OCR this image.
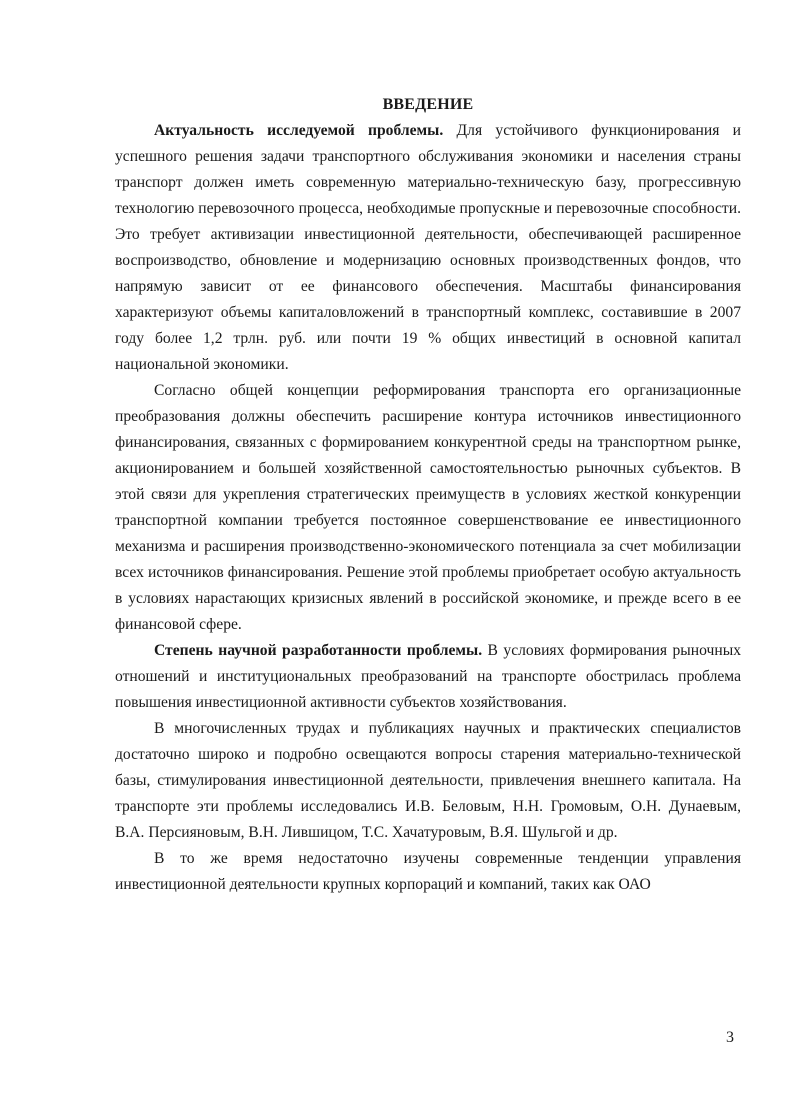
ВВЕДЕНИЕ

Актуальность исследуемой проблемы. Для устойчивого функционирования и успешного решения задачи транспортного обслуживания экономики и населения страны транспорт должен иметь современную материально-техническую базу, прогрессивную технологию перевозочного процесса, необходимые пропускные и перевозочные способности. Это требует активизации инвестиционной деятельности, обеспечивающей расширенное воспроизводство, обновление и модернизацию основных производственных фондов, что напрямую зависит от ее финансового обеспечения. Масштабы финансирования характеризуют объемы капиталовложений в транспортный комплекс, составившие в 2007 году более 1,2 трлн. руб. или почти 19 % общих инвестиций в основной капитал национальной экономики.

Согласно общей концепции реформирования транспорта его организационные преобразования должны обеспечить расширение контура источников инвестиционного финансирования, связанных с формированием конкурентной среды на транспортном рынке, акционированием и большей хозяйственной самостоятельностью рыночных субъектов. В этой связи для укрепления стратегических преимуществ в условиях жесткой конкуренции транспортной компании требуется постоянное совершенствование ее инвестиционного механизма и расширения производственно-экономического потенциала за счет мобилизации всех источников финансирования. Решение этой проблемы приобретает особую актуальность в условиях нарастающих кризисных явлений в российской экономике, и прежде всего в ее финансовой сфере.

Степень научной разработанности проблемы. В условиях формирования рыночных отношений и институциональных преобразований на транспорте обострилась проблема повышения инвестиционной активности субъектов хозяйствования.

В многочисленных трудах и публикациях научных и практических специалистов достаточно широко и подробно освещаются вопросы старения материально-технической базы, стимулирования инвестиционной деятельности, привлечения внешнего капитала. На транспорте эти проблемы исследовались И.В. Беловым, Н.Н. Громовым, О.Н. Дунаевым, В.А. Персияновым, В.Н. Лившицом, Т.С. Хачатуровым, В.Я. Шульгой и др.

В то же время недостаточно изучены современные тенденции управления инвестиционной деятельности крупных корпораций и компаний, таких как ОАО

3
